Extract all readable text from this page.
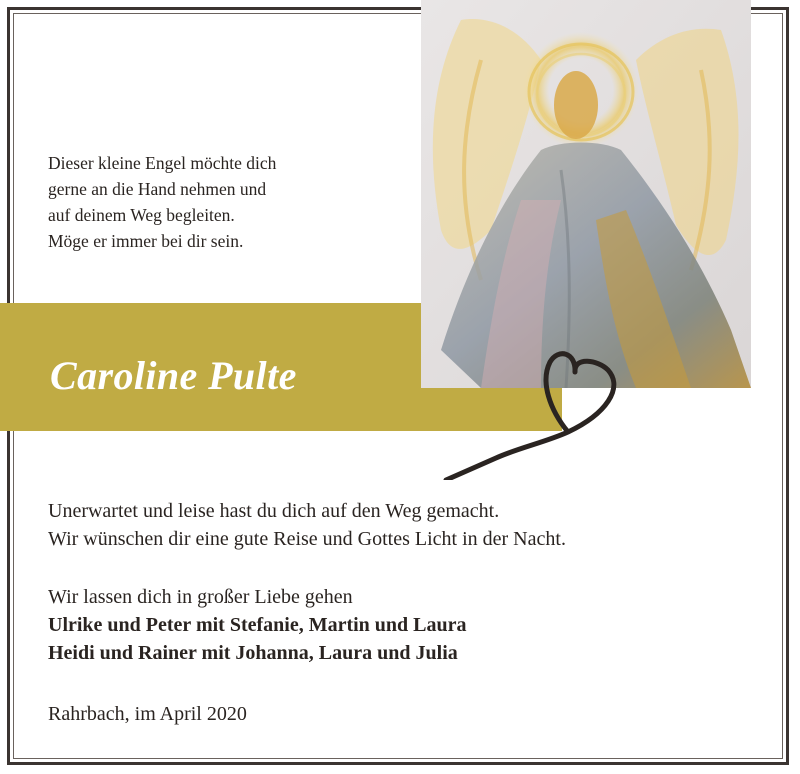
Dieser kleine Engel möchte dich
gerne an die Hand nehmen und
auf deinem Weg begleiten.
Möge er immer bei dir sein.
Caroline Pulte
Unerwartet und leise hast du dich auf den Weg gemacht.
Wir wünschen dir eine gute Reise und Gottes Licht in der Nacht.
Wir lassen dich in großer Liebe gehen
Ulrike und Peter mit Stefanie, Martin und Laura
Heidi und Rainer mit Johanna, Laura und Julia
Rahrbach, im April 2020
